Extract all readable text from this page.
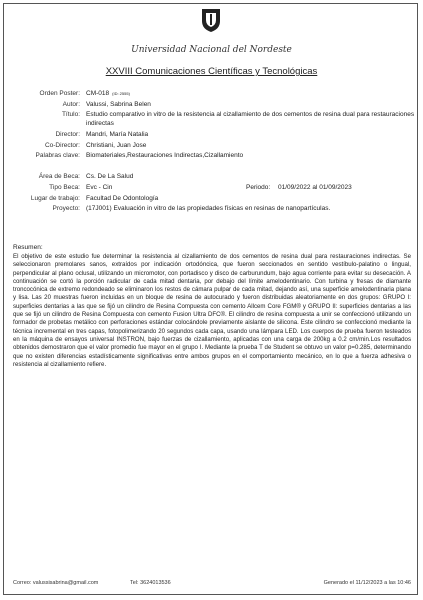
Universidad Nacional del Nordeste
XXVIII Comunicaciones Científicas y Tecnológicas
Orden Poster: CM-018 (ID: 2555)
Autor: Valussi, Sabrina Belen
Título: Estudio comparativo in vitro de la resistencia al cizallamiento de dos cementos de resina dual para restauraciones indirectas
Director: Mandri, María Natalia
Co-Director: Christiani, Juan Jose
Palabras clave: Biomateriales,Restauraciones Indirectas,Cizallamiento
Área de Beca: Cs. De La Salud
Tipo Beca: Evc - Cin	Periodo: 01/09/2022 al 01/09/2023
Lugar de trabajo: Facultad De Odontología
Proyecto: (17J001) Evaluación in vitro de las propiedades físicas en resinas de nanopartículas.
Resumen:
El objetivo de este estudio fue determinar la resistencia al cizallamiento de dos cementos de resina dual para restauraciones indirectas. Se seleccionaron premolares sanos, extraídos por indicación ortodóncica, que fueron seccionados en sentido vestíbulo-palatino o lingual, perpendicular al plano oclusal, utilizando un micromotor, con portadisco y disco de carburundum, bajo agua corriente para evitar su desecación. A continuación se cortó la porción radicular de cada mitad dentaria, por debajo del límite amelodentinario. Con turbina y fresas de diamante troncocónica de extremo redondeado se eliminaron los restos de cámara pulpar de cada mitad, dejando así, una superficie amelodentinaria plana y lisa. Las 20 muestras fueron incluidas en un bloque de resina de autocurado y fueron distribuidas aleatoriamente en dos grupos: GRUPO I: superficies dentarias a las que se fijó un cilindro de Resina Compuesta con cemento Allcem Core FGM® y GRUPO II: superficies dentarias a las que se fijó un cilindro de Resina Compuesta con cemento Fusion Ultra DFC®. El cilindro de resina compuesta a unir se confeccionó utilizando un formador de probetas metálico con perforaciones estándar colocándole previamente aislante de silicona. Este cilindro se confeccionó mediante la técnica incremental en tres capas, fotopolimerizando 20 segundos cada capa, usando una lámpara LED. Los cuerpos de prueba fueron testeados en la máquina de ensayos universal INSTRON, bajo fuerzas de cizallamiento, aplicadas con una carga de 200kg a 0.2 cm/min.Los resultados obtenidos demostraron que el valor promedio fue mayor en el grupo I. Mediante la prueba T de Student se obtuvo un valor p=0.285, determinando que no existen diferencias estadísticamente significativas entre ambos grupos en el comportamiento mecánico, en lo que a fuerza adhesiva o resistencia al cizallamiento refiere.
Correo: valussisabrina@gmail.com	Tel: 3624013536	Generado el 11/12/2023 a las 10:46
